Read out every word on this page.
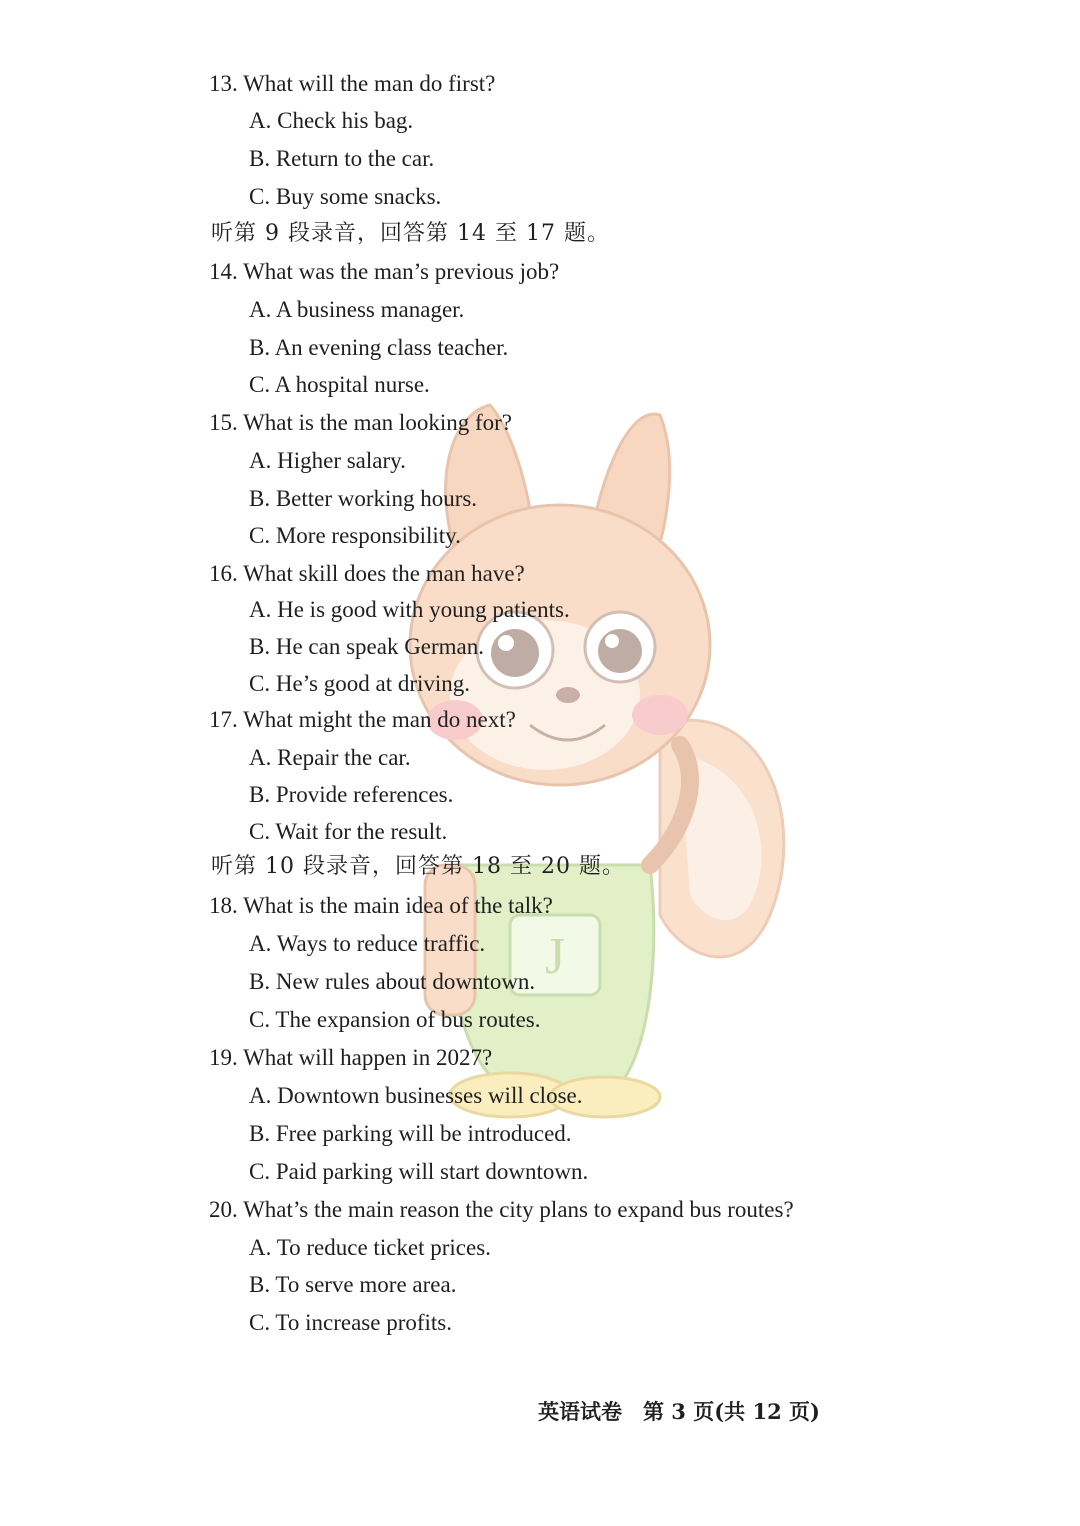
J
13. What will the man do first?
A. Check his bag.
B. Return to the car.
C. Buy some snacks.
听第 9 段录音，回答第 14 至 17 题。
14. What was the man’s previous job?
A. A business manager.
B. An evening class teacher.
C. A hospital nurse.
15. What is the man looking for?
A. Higher salary.
B. Better working hours.
C. More responsibility.
16. What skill does the man have?
A. He is good with young patients.
B. He can speak German.
C. He’s good at driving.
17. What might the man do next?
A. Repair the car.
B. Provide references.
C. Wait for the result.
听第 10 段录音，回答第 18 至 20 题。
18. What is the main idea of the talk?
A. Ways to reduce traffic.
B. New rules about downtown.
C. The expansion of bus routes.
19. What will happen in 2027?
A. Downtown businesses will close.
B. Free parking will be introduced.
C. Paid parking will start downtown.
20. What’s the main reason the city plans to expand bus routes?
A. To reduce ticket prices.
B. To serve more area.
C. To increase profits.
英语试卷　第 3 页(共 12 页)
